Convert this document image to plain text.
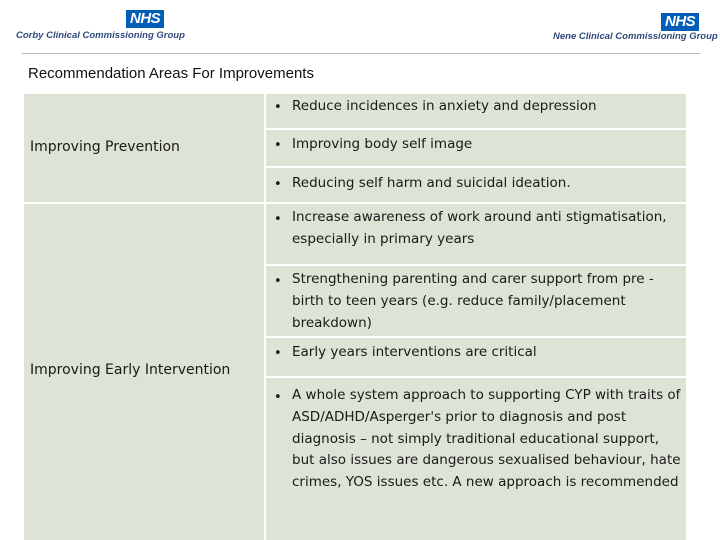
NHS
Corby Clinical Commissioning Group
NHS
Nene Clinical Commissioning Group
Recommendation Areas For Improvements
Improving Prevention
• Reduce incidences in anxiety and depression
• Improving body self image
• Reducing self harm and suicidal ideation.
Improving Early Intervention
• Increase awareness of work around anti stigmatisation, especially in primary years
• Strengthening parenting and carer support from pre -birth to teen years (e.g. reduce family/placement breakdown)
• Early years interventions are critical
• A whole system approach to supporting CYP with traits of ASD/ADHD/Asperger's prior to diagnosis and post diagnosis – not simply traditional educational support, but also issues are dangerous sexualised behaviour, hate crimes, YOS issues etc. A new approach is recommended
